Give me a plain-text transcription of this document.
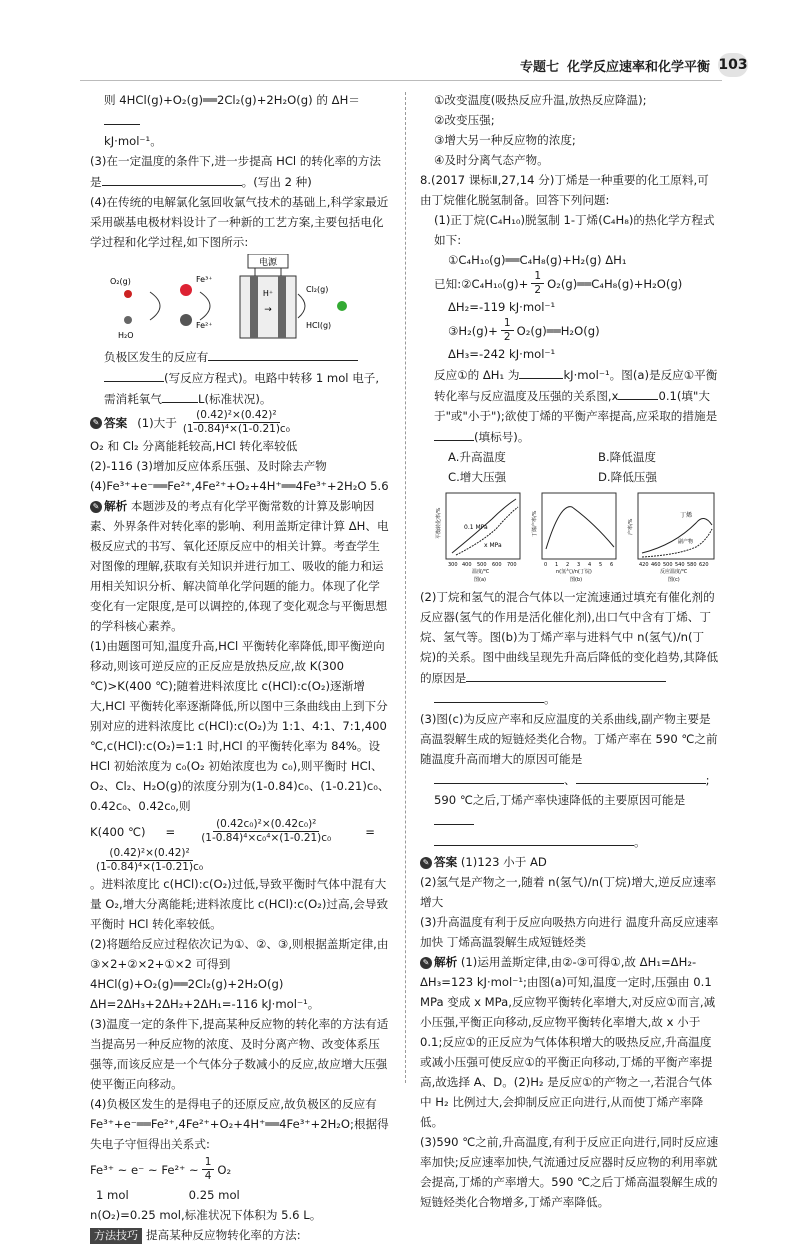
专题七 化学反应速率和化学平衡 103

则 4HCl(g)+O₂(g)══2Cl₂(g)+2H₂O(g) 的 ΔH＝

kJ·mol⁻¹。

(3)在一定温度的条件下,进一步提高 HCl 的转化率的方法是	。(写出 2 种)

(4)在传统的电解氯化氢回收氯气技术的基础上,科学家最近采用碳基电极材料设计了一种新的工艺方案,主要包括电化学过程和化学过程,如下图所示:

电源
H⁺
→
O₂(g)
H₂O
Fe³⁺
Fe²⁺
Cl₂(g)
HCl(g)

负极区发生的反应有

(写反应方程式)。电路中转移 1 mol 电子,需消耗氧气	L(标准状况)。

✎ 答案 (1)大于 $\frac{\text{(0.42)²×(0.42)²}}{\text{(1-0.84)⁴×(1-0.21)c₀}}$

O₂ 和 Cl₂ 分离能耗较高,HCl 转化率较低

(2)-116 (3)增加反应体系压强、及时除去产物

(4)Fe³⁺+e⁻══Fe²⁺,4Fe²⁺+O₂+4H⁺══4Fe³⁺+2H₂O 5.6

✎ 解析 本题涉及的考点有化学平衡常数的计算及影响因素、外界条件对转化率的影响、利用盖斯定律计算 ΔH、电极反应式的书写、氧化还原反应中的相关计算。考查学生对图像的理解,获取有关知识并进行加工、吸收的能力和运用相关知识分析、解决简单化学问题的能力。体现了化学变化有一定限度,是可以调控的,体现了变化观念与平衡思想的学科核心素养。

(1)由题图可知,温度升高,HCl 平衡转化率降低,即平衡逆向移动,则该可逆反应的正反应是放热反应,故 K(300 ℃)>K(400 ℃);随着进料浓度比 c(HCl):c(O₂)逐渐增大,HCl 平衡转化率逐渐降低,所以图中三条曲线由上到下分别对应的进料浓度比 c(HCl):c(O₂)为 1:1、4:1、7:1,400 ℃,c(HCl):c(O₂)=1:1 时,HCl 的平衡转化率为 84%。设 HCl 初始浓度为 c₀(O₂ 初始浓度也为 c₀),则平衡时 HCl、O₂、Cl₂、H₂O(g)的浓度分别为(1-0.84)c₀、(1-0.21)c₀、0.42c₀、0.42c₀,则

K(400 ℃) = $\frac{\text{(0.42c₀)²×(0.42c₀)²}}{\text{(1-0.84)⁴×c₀⁴×(1-0.21)c₀}}$	=
$\frac{\text{(0.42)²×(0.42)²}}{\text{(1-0.84)⁴×(1-0.21)c₀}}$

。进料浓度比 c(HCl):c(O₂)过低,导致平衡时气体中混有大量 O₂,增大分离能耗;进料浓度比 c(HCl):c(O₂)过高,会导致平衡时 HCl 转化率较低。

(2)将题给反应过程依次记为①、②、③,则根据盖斯定律,由③×2+②×2+①×2 可得到 4HCl(g)+O₂(g)══2Cl₂(g)+2H₂O(g) ΔH=2ΔH₃+2ΔH₂+2ΔH₁=-116 kJ·mol⁻¹。

(3)温度一定的条件下,提高某种反应物的转化率的方法有适当提高另一种反应物的浓度、及时分离产物、改变体系压强等,而该反应是一个气体分子数减小的反应,故应增大压强使平衡正向移动。

(4)负极区发生的是得电子的还原反应,故负极区的反应有 Fe³⁺+e⁻══Fe²⁺,4Fe²⁺+O₂+4H⁺══4Fe³⁺+2H₂O;根据得失电子守恒得出关系式:

Fe³⁺ ~ e⁻ ~ Fe²⁺ ~ $\frac{1}{4} O_2$
1 mol	0.25 mol

n(O₂)=0.25 mol,标准状况下体积为 5.6 L。

方法技巧 提高某种反应物转化率的方法:

①改变温度(吸热反应升温,放热反应降温);

②改变压强;

③增大另一种反应物的浓度;

④及时分离气态产物。

8.(2017 课标Ⅱ,27,14 分)丁烯是一种重要的化工原料,可由丁烷催化脱氢制备。回答下列问题:

(1)正丁烷(C₄H₁₀)脱氢制 1-丁烯(C₄H₈)的热化学方程式如下:

①C₄H₁₀(g)══C₄H₈(g)+H₂(g) ΔH₁

已知: ②C₄H₁₀(g)+ $\frac{1}{2}$ O₂(g)══C₄H₈(g)+H₂O(g)

ΔH₂=-119 kJ·mol⁻¹

③H₂(g)+ $\frac{1}{2}$ O₂(g)══H₂O(g)

ΔH₃=-242 kJ·mol⁻¹

反应①的 ΔH₁ 为	kJ·mol⁻¹。图(a)是反应①平衡转化率与反应温度及压强的关系图,x	0.1(填"大于"或"小于");欲使丁烯的平衡产率提高,应采取的措施是(填标号)。

A.升高温度	B.降低温度
C.增大压强	D.降低压强
0.1 MPa
x MPa
平衡转化率/%
300 400 500 600 700
温度/℃
图(a)
丁烯产率/%
0 1 2 3 4 5 6
n(氢气)/n(丁烷)
图(b)
丁烯
副产物
产率/%
420 460 500 540 580 620
反应温度/℃
图(c)

(2)丁烷和氢气的混合气体以一定流速通过填充有催化剂的反应器(氢气的作用是活化催化剂),出口气中含有丁烯、丁烷、氢气等。图(b)为丁烯产率与进料气中 n(氢气)/n(丁烷)的关系。图中曲线呈现先升高后降低的变化趋势,其降低的原因是

。

(3)图(c)为反应产率和反应温度的关系曲线,副产物主要是高温裂解生成的短链烃类化合物。丁烯产率在 590 ℃之前随温度升高而增大的原因可能是

、	;

590 ℃之后,丁烯产率快速降低的主要原因可能是

。

✎ 答案 (1)123 小于 AD

(2)氢气是产物之一,随着 n(氢气)/n(丁烷)增大,逆反应速率增大

(3)升高温度有利于反应向吸热方向进行 温度升高反应速率加快 丁烯高温裂解生成短链烃类

✎ 解析 (1)运用盖斯定律,由②-③可得①,故 ΔH₁=ΔH₂-ΔH₃=123 kJ·mol⁻¹;由图(a)可知,温度一定时,压强由 0.1 MPa 变成 x MPa,反应物平衡转化率增大,对反应①而言,减小压强,平衡正向移动,反应物平衡转化率增大,故 x 小于 0.1;反应①的正反应为气体体积增大的吸热反应,升高温度或减小压强可使反应①的平衡正向移动,丁烯的平衡产率提高,故选择 A、D。(2)H₂ 是反应①的产物之一,若混合气体中 H₂ 比例过大,会抑制反应正向进行,从而使丁烯产率降低。

(3)590 ℃之前,升高温度,有利于反应正向进行,同时反应速率加快;反应速率加快,气流通过反应器时反应物的利用率就会提高,丁烯的产率增大。590 ℃之后丁烯高温裂解生成的短链烃类化合物增多,丁烯产率降低。
